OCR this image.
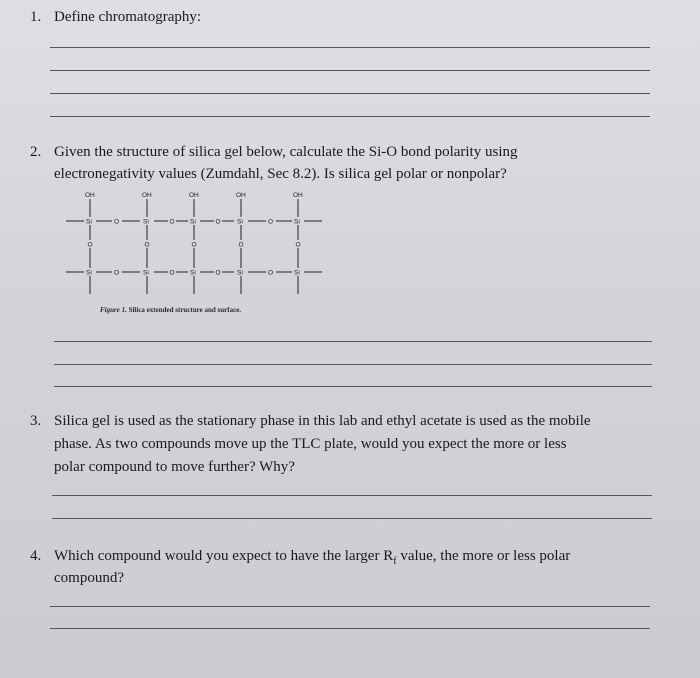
1. Define chromatography:
2. Given the structure of silica gel below, calculate the Si-O bond polarity using
electronegativity values (Zumdahl, Sec 8.2). Is silica gel polar or nonpolar?
OH	OH	OH	OH	OH
Si	O	Si	O Si	O	Si	O	Si
O	O	O	O	O
Si	O	Si	O Si	O	Si	O	Si
Figure 1. Silica extended structure and surface.
3. Silica gel is used as the stationary phase in this lab and ethyl acetate is used as the mobile
phase. As two compounds move up the TLC plate, would you expect the more or less
polar compound to move further? Why?
4. Which compound would you expect to have the larger $R_f$ value, the more or less polar
compound?
